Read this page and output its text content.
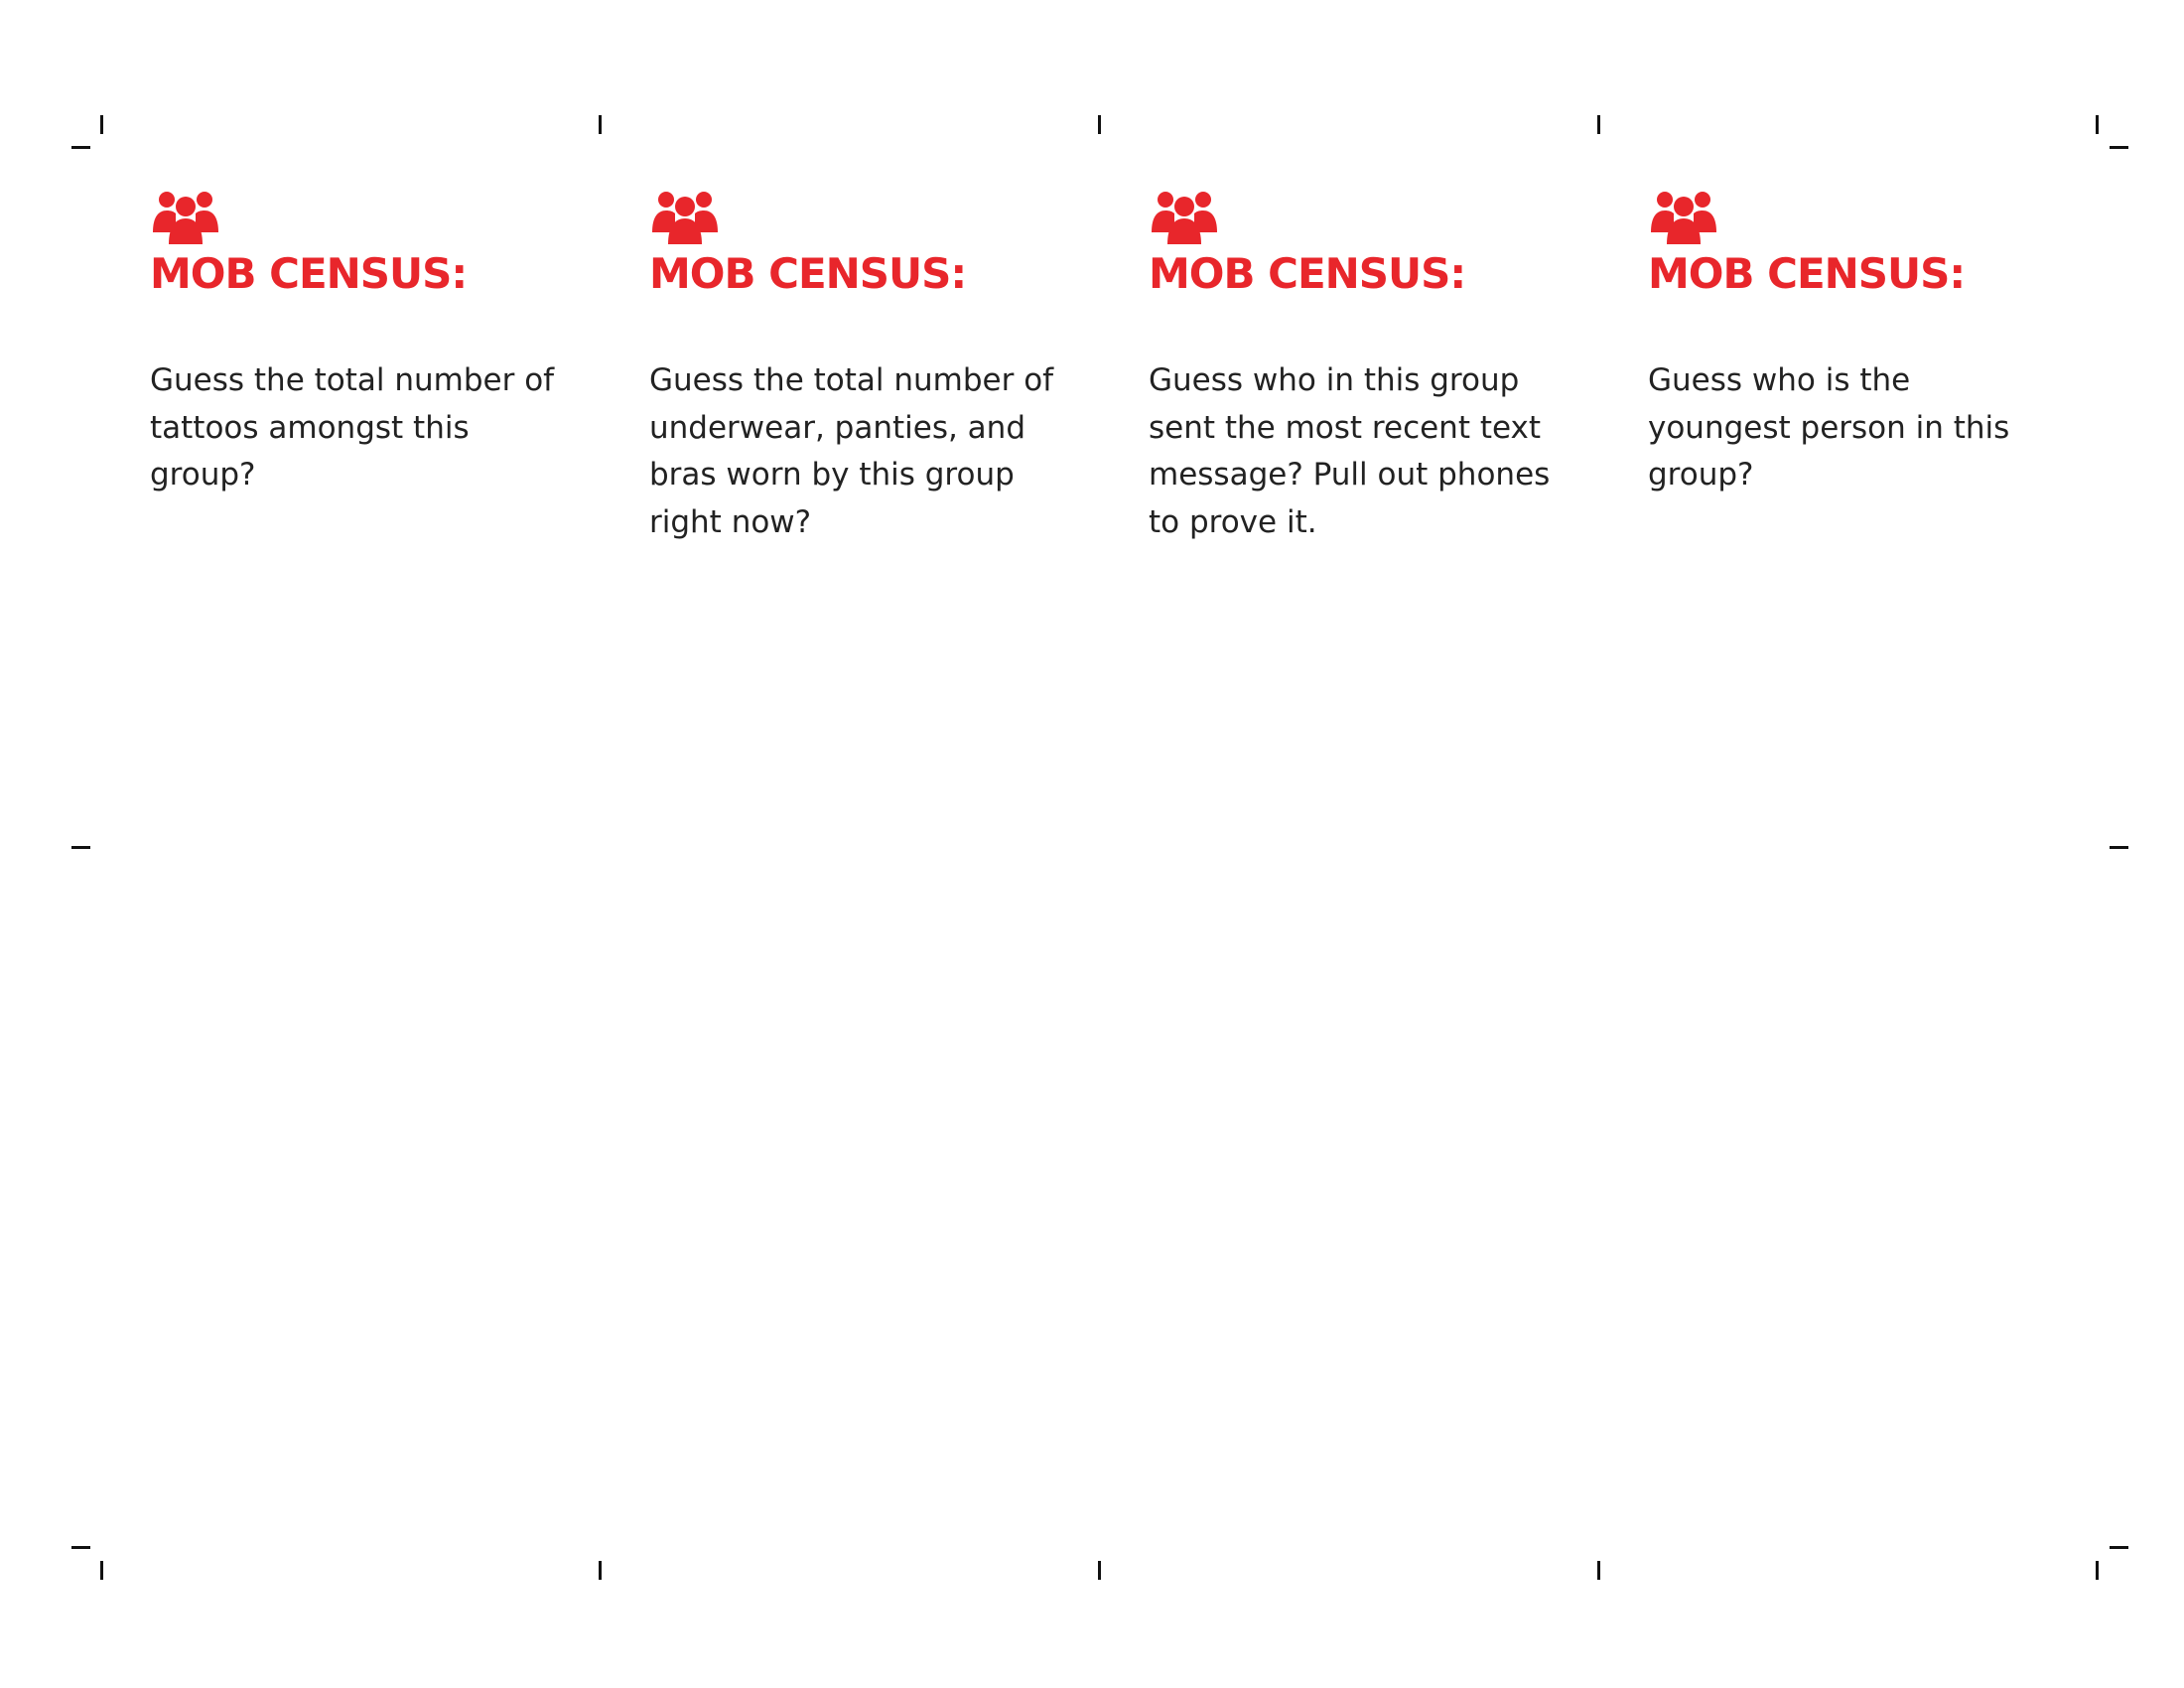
MOB CENSUS:
Guess the total number of tattoos amongst this group?
MOB CENSUS:
Guess the total number of underwear, panties, and bras worn by this group right now?
MOB CENSUS:
Guess who in this group sent the most recent text message? Pull out phones to prove it.
MOB CENSUS:
Guess who is the youngest person in this group?
